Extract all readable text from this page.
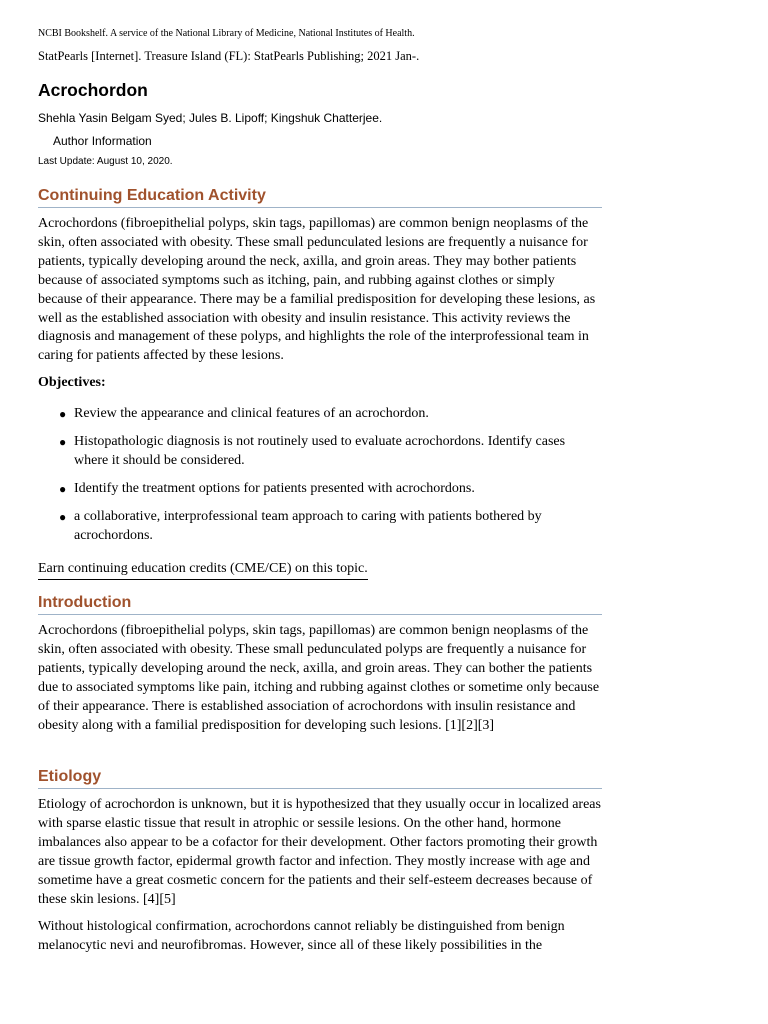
NCBI Bookshelf. A service of the National Library of Medicine, National Institutes of Health.
StatPearls [Internet]. Treasure Island (FL): StatPearls Publishing; 2021 Jan-.
Acrochordon
Shehla Yasin Belgam Syed; Jules B. Lipoff; Kingshuk Chatterjee.
Author Information
Last Update: August 10, 2020.
Continuing Education Activity

Acrochordons (fibroepithelial polyps, skin tags, papillomas) are common benign neoplasms of the skin, often associated with obesity. These small pedunculated lesions are frequently a nuisance for patients, typically developing around the neck, axilla, and groin areas. They may bother patients because of associated symptoms such as itching, pain, and rubbing against clothes or simply because of their appearance. There may be a familial predisposition for developing these lesions, as well as the established association with obesity and insulin resistance. This activity reviews the diagnosis and management of these polyps, and highlights the role of the interprofessional team in caring for patients affected by these lesions.

Objectives:

● Review the appearance and clinical features of an acrochordon.
● Histopathologic diagnosis is not routinely used to evaluate acrochordons. Identify cases where it should be considered.
● Identify the treatment options for patients presented with acrochordons.
● a collaborative, interprofessional team approach to caring with patients bothered by acrochordons.
Earn continuing education credits (CME/CE) on this topic.
Introduction

Acrochordons (fibroepithelial polyps, skin tags, papillomas) are common benign neoplasms of the skin, often associated with obesity. These small pedunculated polyps are frequently a nuisance for patients, typically developing around the neck, axilla, and groin areas. They can bother the patients due to associated symptoms like pain, itching and rubbing against clothes or sometime only because of their appearance. There is established association of acrochordons with insulin resistance and obesity along with a familial predisposition for developing such lesions. [1][2][3]

Etiology

Etiology of acrochordon is unknown, but it is hypothesized that they usually occur in localized areas with sparse elastic tissue that result in atrophic or sessile lesions. On the other hand, hormone imbalances also appear to be a cofactor for their development. Other factors promoting their growth are tissue growth factor, epidermal growth factor and infection. They mostly increase with age and sometime have a great cosmetic concern for the patients and their self-esteem decreases because of these skin lesions. [4][5]

Without histological confirmation, acrochordons cannot reliably be distinguished from benign melanocytic nevi and neurofibromas. However, since all of these likely possibilities in the
